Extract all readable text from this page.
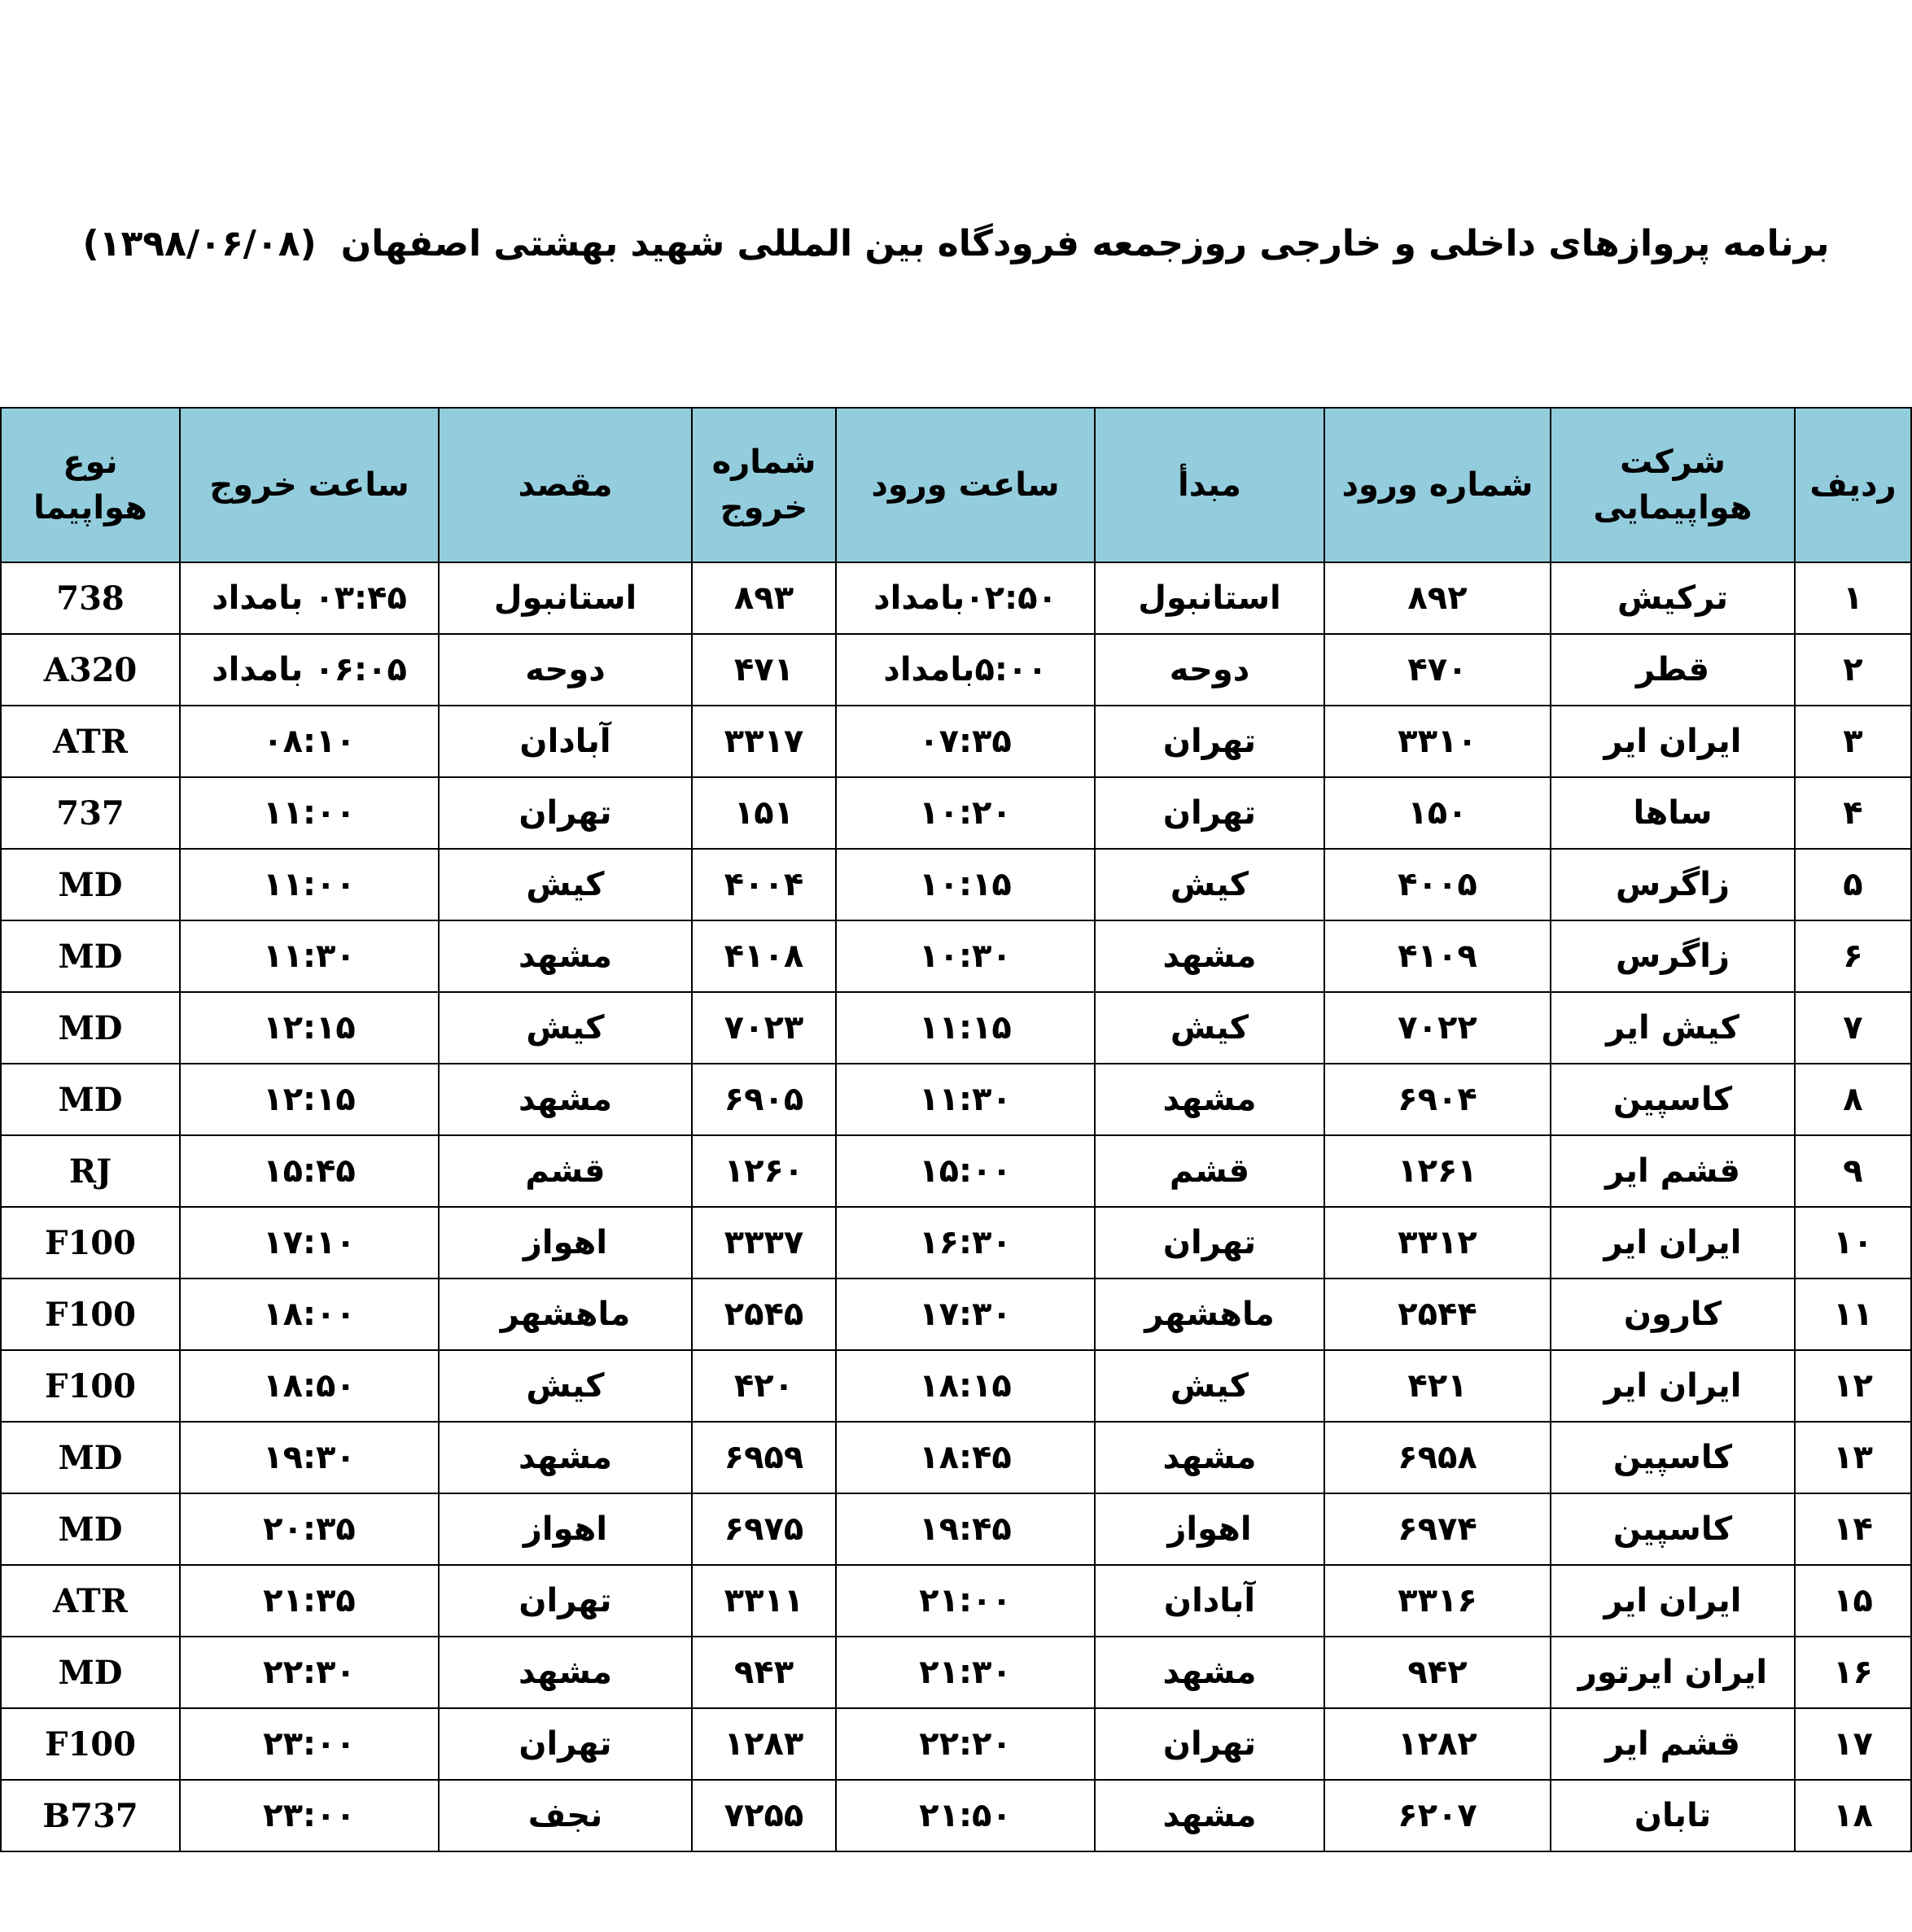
برنامه پروازهای داخلی و خارجی روزجمعه فرودگاه بین المللی شهید بهشتی اصفهان(۱۳۹۸/۰۶/۰۸)
ردیف	شرکت هواپیمایی	شماره ورود	مبدأ	ساعت ورود	شماره خروج	مقصد	ساعت خروج	نوع هواپیما
۱	ترکیش	۸۹۲	استانبول	۰۲:۵۰بامداد	۸۹۳	استانبول	۰۳:۴۵ بامداد	738
۲	قطر	۴۷۰	دوحه	۵:۰۰بامداد	۴۷۱	دوحه	۰۶:۰۵ بامداد	A320
۳	ایران ایر	۳۳۱۰	تهران	۰۷:۳۵	۳۳۱۷	آبادان	۰۸:۱۰	ATR
۴	ساها	۱۵۰	تهران	۱۰:۲۰	۱۵۱	تهران	۱۱:۰۰	737
۵	زاگرس	۴۰۰۵	کیش	۱۰:۱۵	۴۰۰۴	کیش	۱۱:۰۰	MD
۶	زاگرس	۴۱۰۹	مشهد	۱۰:۳۰	۴۱۰۸	مشهد	۱۱:۳۰	MD
۷	کیش ایر	۷۰۲۲	کیش	۱۱:۱۵	۷۰۲۳	کیش	۱۲:۱۵	MD
۸	کاسپین	۶۹۰۴	مشهد	۱۱:۳۰	۶۹۰۵	مشهد	۱۲:۱۵	MD
۹	قشم ایر	۱۲۶۱	قشم	۱۵:۰۰	۱۲۶۰	قشم	۱۵:۴۵	RJ
۱۰	ایران ایر	۳۳۱۲	تهران	۱۶:۳۰	۳۳۳۷	اهواز	۱۷:۱۰	F100
۱۱	کارون	۲۵۴۴	ماهشهر	۱۷:۳۰	۲۵۴۵	ماهشهر	۱۸:۰۰	F100
۱۲	ایران ایر	۴۲۱	کیش	۱۸:۱۵	۴۲۰	کیش	۱۸:۵۰	F100
۱۳	کاسپین	۶۹۵۸	مشهد	۱۸:۴۵	۶۹۵۹	مشهد	۱۹:۳۰	MD
۱۴	کاسپین	۶۹۷۴	اهواز	۱۹:۴۵	۶۹۷۵	اهواز	۲۰:۳۵	MD
۱۵	ایران ایر	۳۳۱۶	آبادان	۲۱:۰۰	۳۳۱۱	تهران	۲۱:۳۵	ATR
۱۶	ایران ایرتور	۹۴۲	مشهد	۲۱:۳۰	۹۴۳	مشهد	۲۲:۳۰	MD
۱۷	قشم ایر	۱۲۸۲	تهران	۲۲:۲۰	۱۲۸۳	تهران	۲۳:۰۰	F100
۱۸	تابان	۶۲۰۷	مشهد	۲۱:۵۰	۷۲۵۵	نجف	۲۳:۰۰	B737
